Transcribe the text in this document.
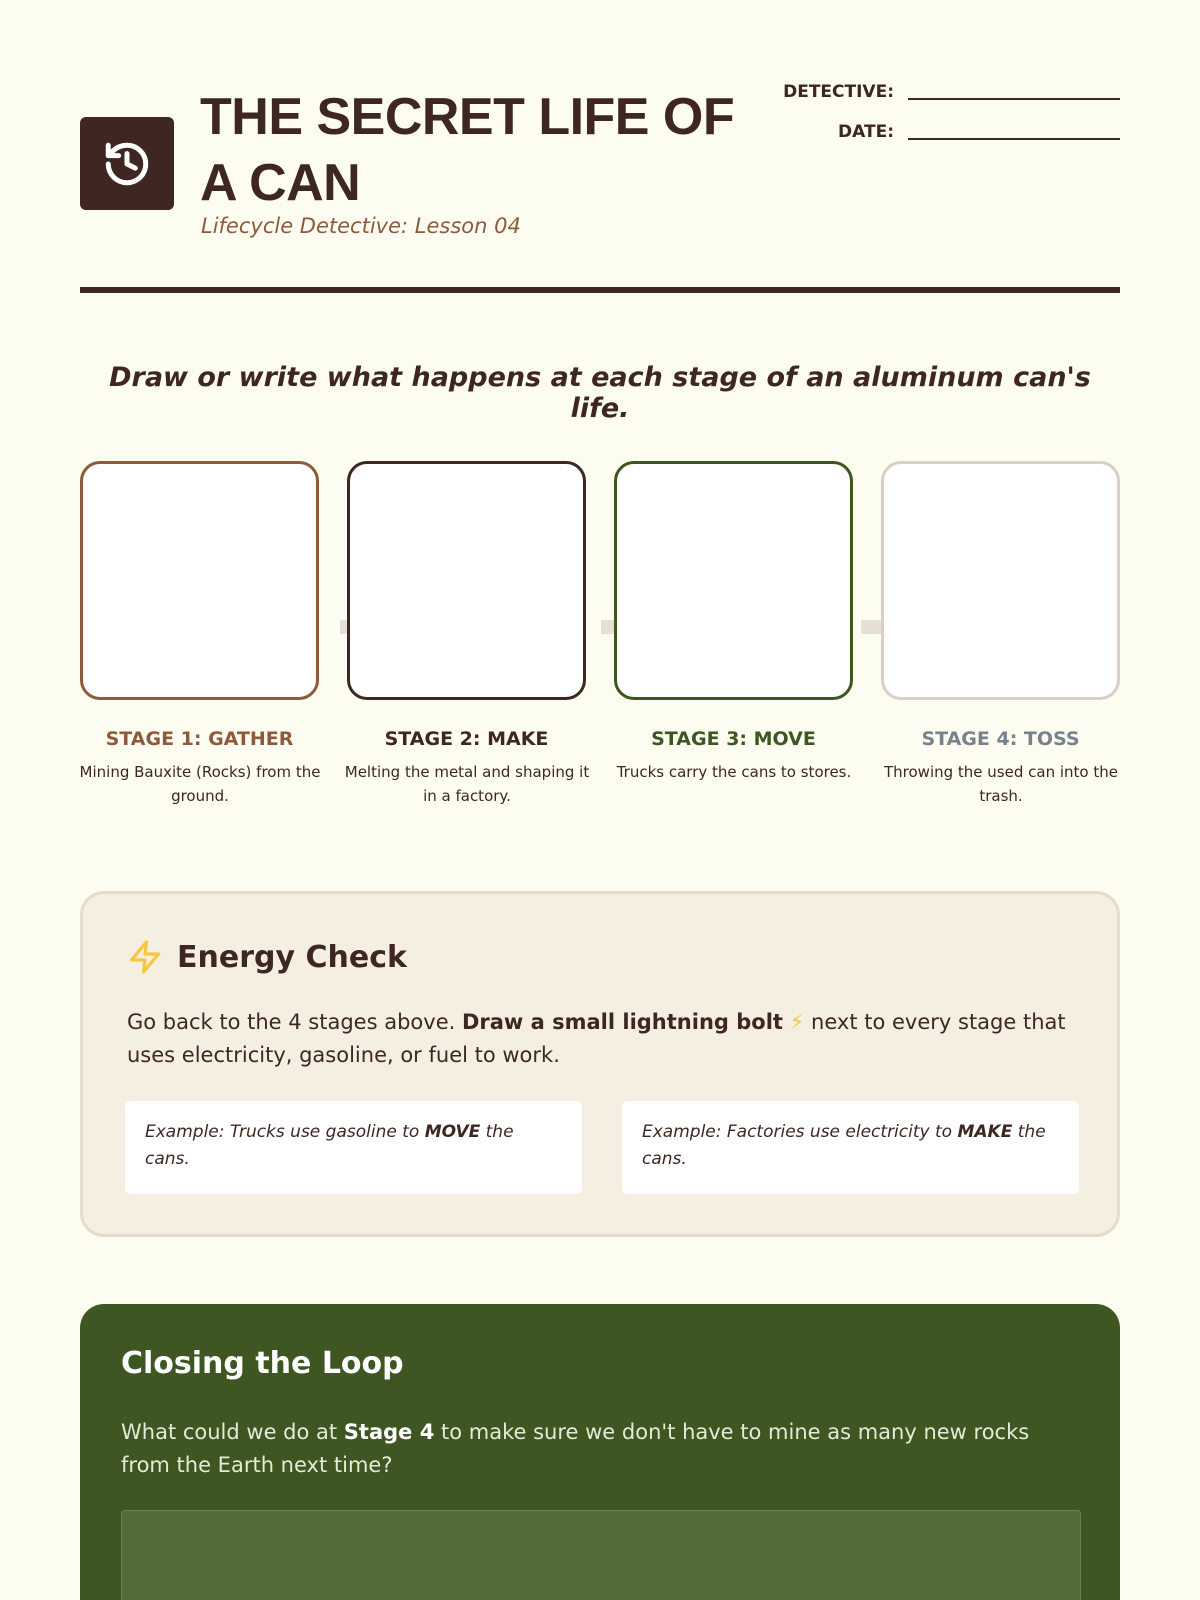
THE SECRET LIFE OF A CAN
Lifecycle Detective: Lesson 04
DETECTIVE:
DATE:
Draw or write what happens at each stage of an aluminum can's life.
STAGE 1: GATHER
Mining Bauxite (Rocks) from the ground.
STAGE 2: MAKE
Melting the metal and shaping it in a factory.
STAGE 3: MOVE
Trucks carry the cans to stores.
STAGE 4: TOSS
Throwing the used can into the trash.
Energy Check
Go back to the 4 stages above. Draw a small lightning bolt ⚡ next to every stage that uses electricity, gasoline, or fuel to work.
Example: Trucks use gasoline to MOVE the cans.
Example: Factories use electricity to MAKE the cans.
Closing the Loop
What could we do at Stage 4 to make sure we don't have to mine as many new rocks from the Earth next time?
